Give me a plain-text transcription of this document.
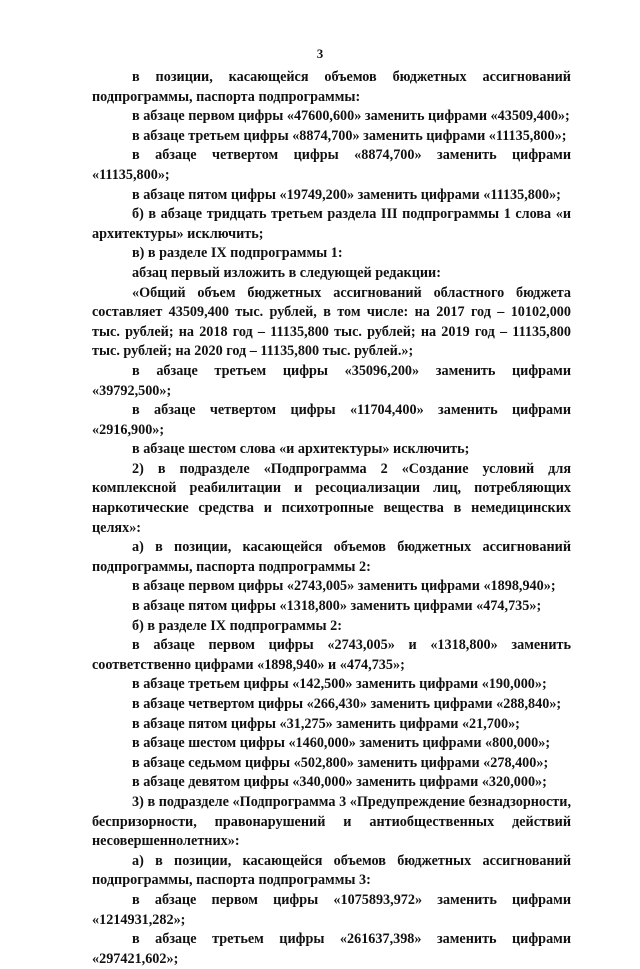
3

в позиции, касающейся объемов бюджетных ассигнований подпрограммы, паспорта подпрограммы:

в абзаце первом цифры «47600,600» заменить цифрами «43509,400»;

в абзаце третьем цифры «8874,700» заменить цифрами «11135,800»;

в абзаце четвертом цифры «8874,700» заменить цифрами «11135,800»;

в абзаце пятом цифры «19749,200» заменить цифрами «11135,800»;

б) в абзаце тридцать третьем раздела III подпрограммы 1 слова «и архитектуры» исключить;

в) в разделе IX подпрограммы 1:

абзац первый изложить в следующей редакции:

«Общий объем бюджетных ассигнований областного бюджета составляет 43509,400 тыс. рублей, в том числе: на 2017 год – 10102,000 тыс. рублей; на 2018 год – 11135,800 тыс. рублей; на 2019 год – 11135,800 тыс. рублей; на 2020 год – 11135,800 тыс. рублей.»;

в абзаце третьем цифры «35096,200» заменить цифрами «39792,500»;

в абзаце четвертом цифры «11704,400» заменить цифрами «2916,900»;

в абзаце шестом слова «и архитектуры» исключить;

2) в подразделе «Подпрограмма 2 «Создание условий для комплексной реабилитации и ресоциализации лиц, потребляющих наркотические средства и психотропные вещества в немедицинских целях»:

а) в позиции, касающейся объемов бюджетных ассигнований подпрограммы, паспорта подпрограммы 2:

в абзаце первом цифры «2743,005» заменить цифрами «1898,940»;

в абзаце пятом цифры «1318,800» заменить цифрами «474,735»;

б) в разделе IX подпрограммы 2:

в абзаце первом цифры «2743,005» и «1318,800» заменить соответственно цифрами «1898,940» и «474,735»;

в абзаце третьем цифры «142,500» заменить цифрами «190,000»;

в абзаце четвертом цифры «266,430» заменить цифрами «288,840»;

в абзаце пятом цифры «31,275» заменить цифрами «21,700»;

в абзаце шестом цифры «1460,000» заменить цифрами «800,000»;

в абзаце седьмом цифры «502,800» заменить цифрами «278,400»;

в абзаце девятом цифры «340,000» заменить цифрами «320,000»;

3) в подразделе «Подпрограмма 3 «Предупреждение безнадзорности, беспризорности, правонарушений и антиобщественных действий несовершеннолетних»:

а) в позиции, касающейся объемов бюджетных ассигнований подпрограммы, паспорта подпрограммы 3:

в абзаце первом цифры «1075893,972» заменить цифрами «1214931,282»;

в абзаце третьем цифры «261637,398» заменить цифрами «297421,602»;
